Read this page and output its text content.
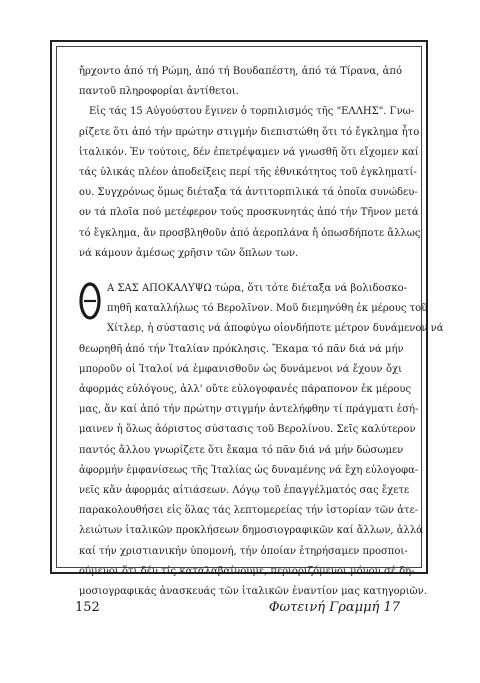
ἤρχοντο ἀπό τή Ρώμη, ἀπό τή Βουδαπέστη, ἀπό τά Τίρανα, ἀπό
παντοῦ πληροφορίαι ἀντίθετοι.

Εἰς τάς 15 Αὐγούστου ἔγινεν ὁ τορπιλισμός τῆς "ΕΛΛΗΣ". Γνω-
ρίζετε ὅτι ἀπό τήν πρώτην στιγμήν διεπιστώθη ὅτι τό ἔγκλημα ἦτο
ἰταλικόν. Ἐν τούτοις, δέν ἐπετρέψαμεν νά γνωσθῆ ὅτι εἴχομεν καί
τάς ὑλικάς πλέον ἀποδείξεις περί τῆς ἐθνικότητος τοῦ ἐγκληματί-
ου. Συγχρόνως ὅμως διέταξα τά ἀντιτορπιλικά τά ὁποῖα συνώδευ-
ον τά πλοῖα πού μετέφερον τούς προσκυνητάς ἀπό τήν Τῆνον μετά
τό ἔγκλημα, ἄν προσβληθοῦν ἀπό ἀεροπλάνα ἤ ὁπωσδήποτε ἄλλως
νά κάμουν ἀμέσως χρῆσιν τῶν ὅπλων των.

Θ
Α ΣΑΣ ΑΠΟΚΑΛΥΨΩ τώρα, ὅτι τότε διέταξα νά βολιδοσκο-
πηθῆ καταλλήλως τό Βερολῖνον. Μοῦ διεμηνύθη ἐκ μέρους τοῦ
Χίτλερ, ἡ σύστασις νά ἀποφύγω οἱονδήποτε μέτρον δυνάμενον νά
θεωρηθῆ ἀπό τήν Ἰταλίαν πρόκλησις. Ἔκαμα τό πᾶν διά νά μήν
μποροῦν οἱ Ἰταλοί νά ἐμφανισθοῦν ὡς δυνάμενοι νά ἔχουν ὄχι
ἀφορμάς εὐλόγους, ἀλλ' οὔτε εὐλογοφανές πάραπονον ἐκ μέρους
μας, ἄν καί ἀπό τήν πρώτην στιγμήν ἀντελήφθην τί πράγματι ἐσή-
μαινεν ἡ ὅλως ἀόριστος σύστασις τοῦ Βερολίνου. Σεῖς καλύτερον
παντός ἄλλου γνωρίζετε ὅτι ἔκαμα τό πᾶν διά νά μήν δώσωμεν
ἀφορμήν ἐμφανίσεως τῆς Ἰταλίας ὡς δυναμένης νά ἔχη εὐλογοφα-
νεῖς κἄν ἀφορμάς αἰτιάσεων. Λόγῳ τοῦ ἐπαγγέλματός σας ἔχετε
παρακολουθήσει εἰς ὅλας τάς λεπτομερείας τήν ἱστορίαν τῶν ἀτε-
λειώτων ἰταλικῶν προκλήσεων δημοσιογραφικῶν καί ἄλλων, ἀλλά
καί τήν χριστιανικήν ὑπομονή, τήν ὁποίαν ἐτηρήσαμεν προσποι-
ούμενοι ὅτι δέν τίς καταλαβαίνουμε, περιοριζόμενοι μόνον σέ δη-
μοσιογραφικάς ἀνασκευάς τῶν ἰταλικῶν ἐναντίον μας κατηγοριῶν.
152	Φωτεινή Γραμμή 17
